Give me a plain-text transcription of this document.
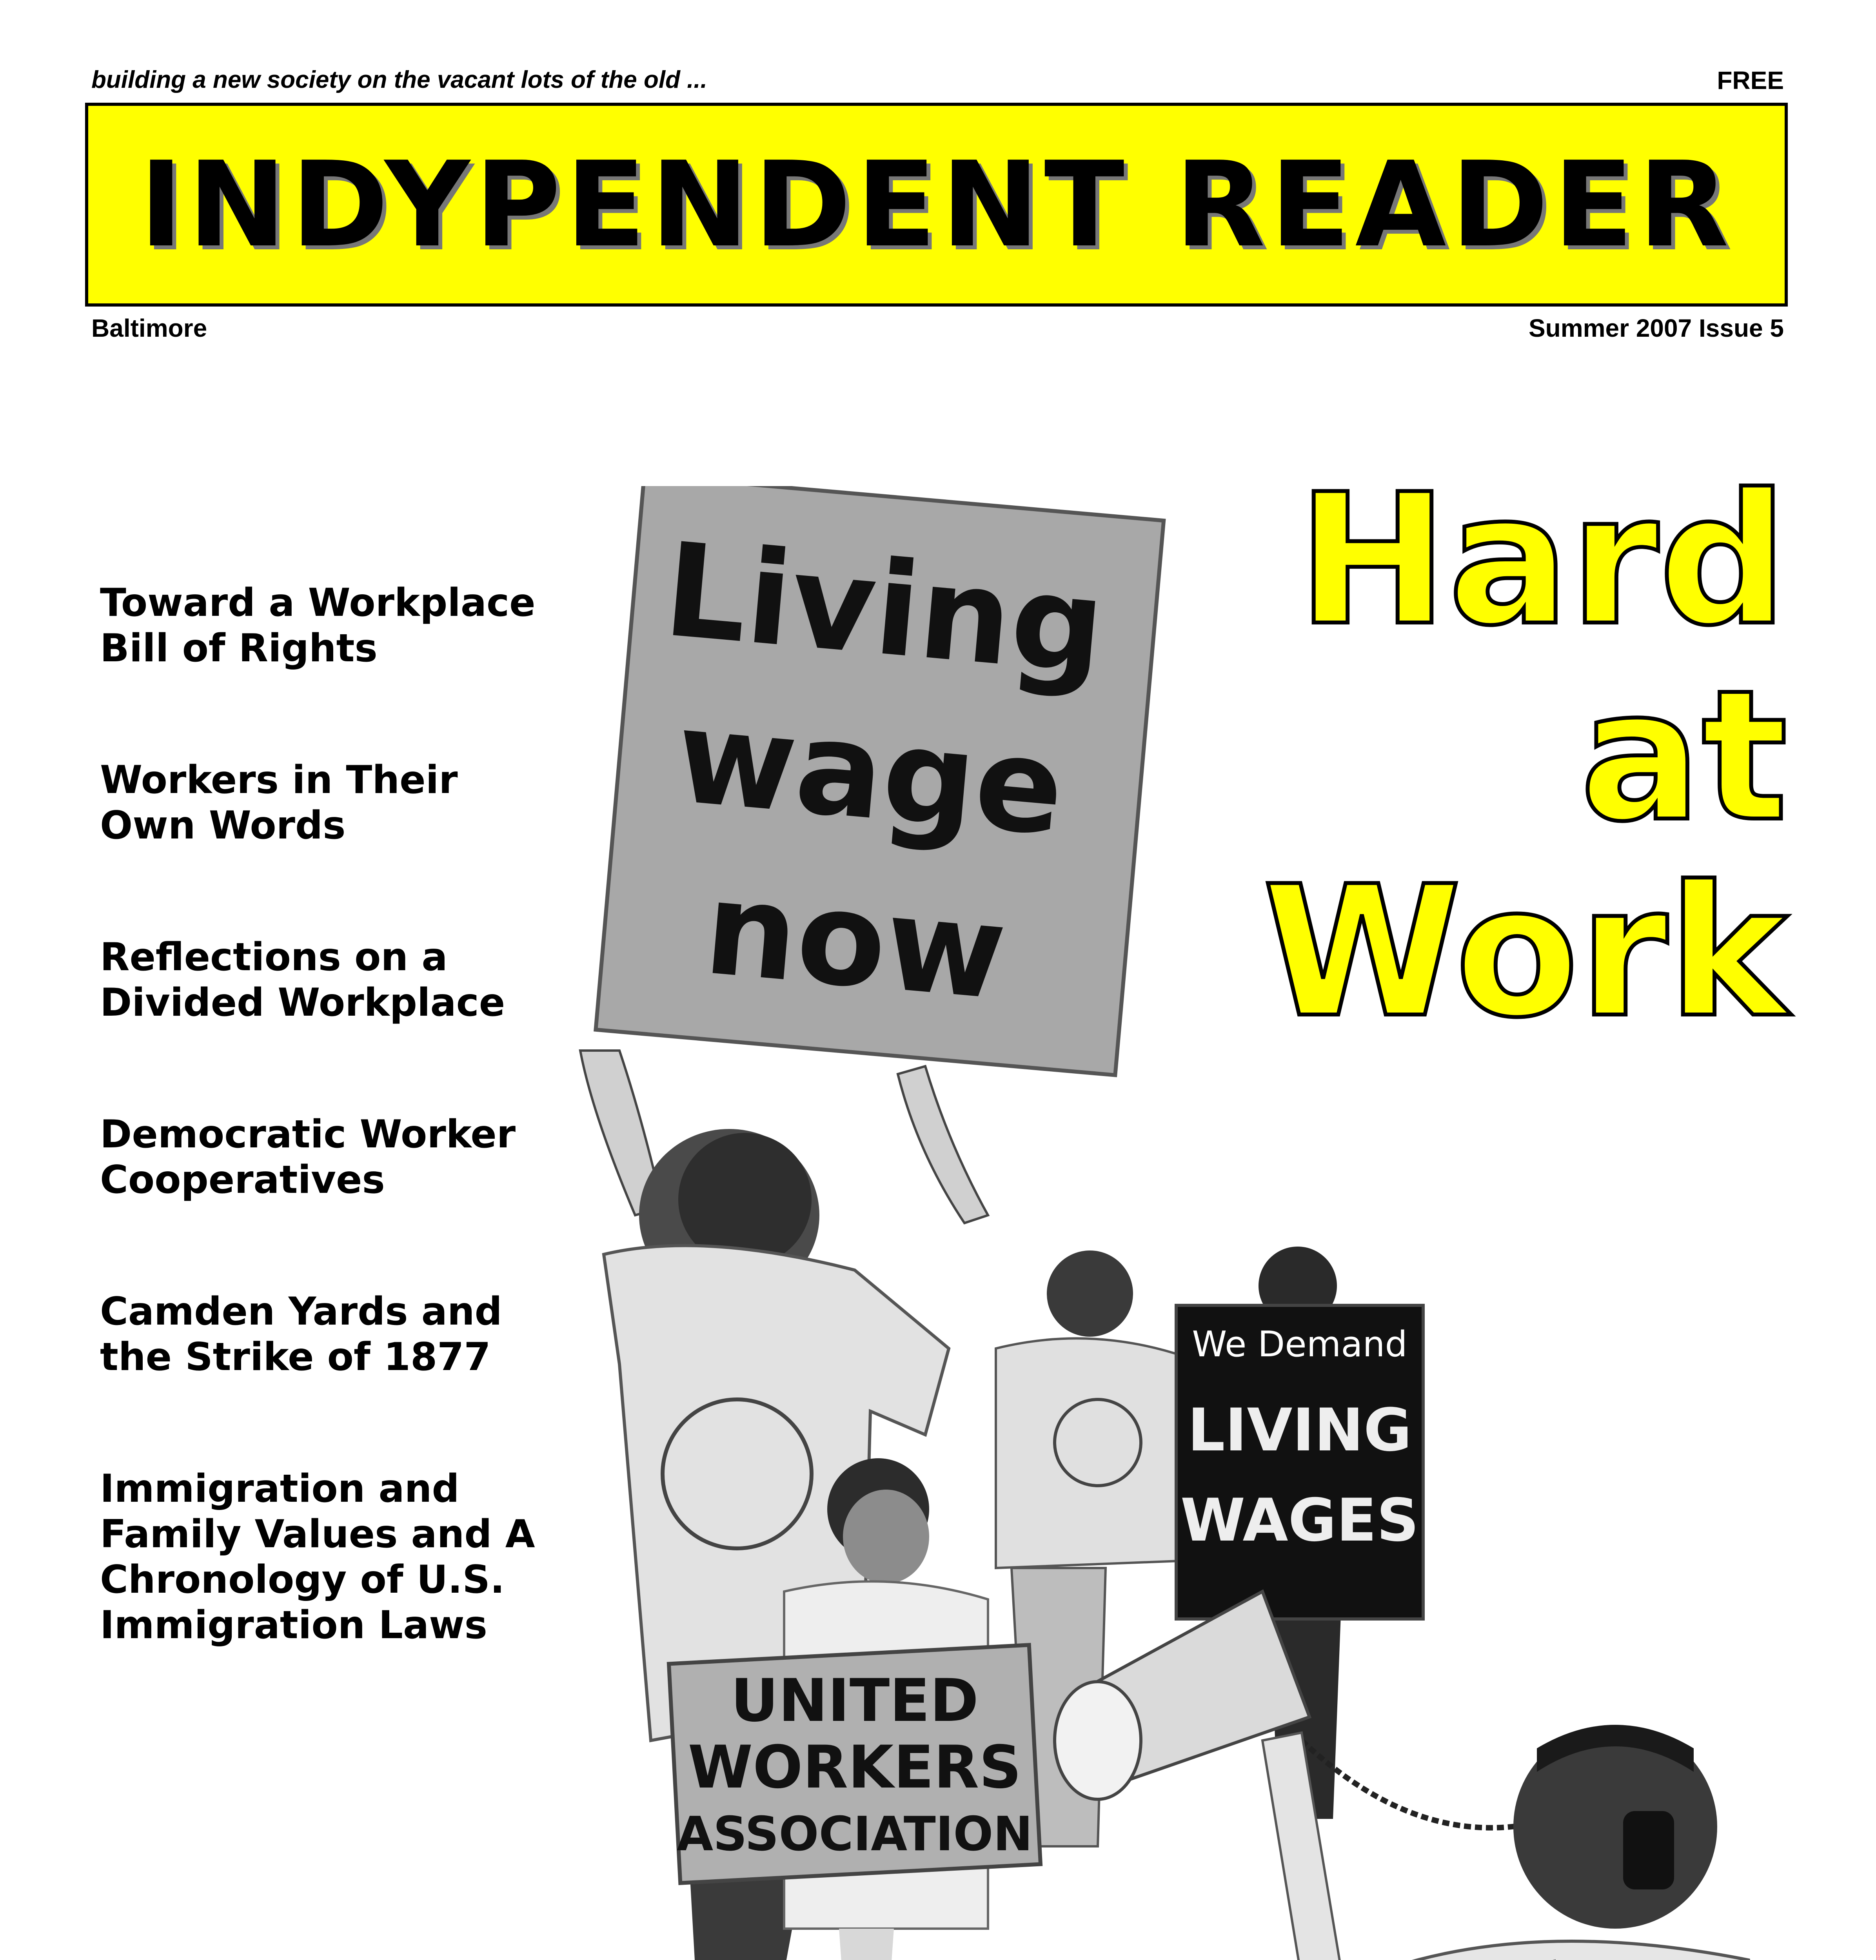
building a new society on the vacant lots of the old ...	FREE
INDYPENDENT READER
Baltimore	Summer 2007 Issue 5
Toward a Workplace Bill of Rights
Workers in Their Own Words
Reflections on a Divided Workplace
Democratic Worker Cooperatives
Camden Yards and the Strike of 1877
Immigration and Family Values and A Chronology of U.S. Immigration Laws
Hard
at
Work
Living
wage
now
We Demand
LIVING
WAGES
UNITED
WORKERS
ASSOCIATION
